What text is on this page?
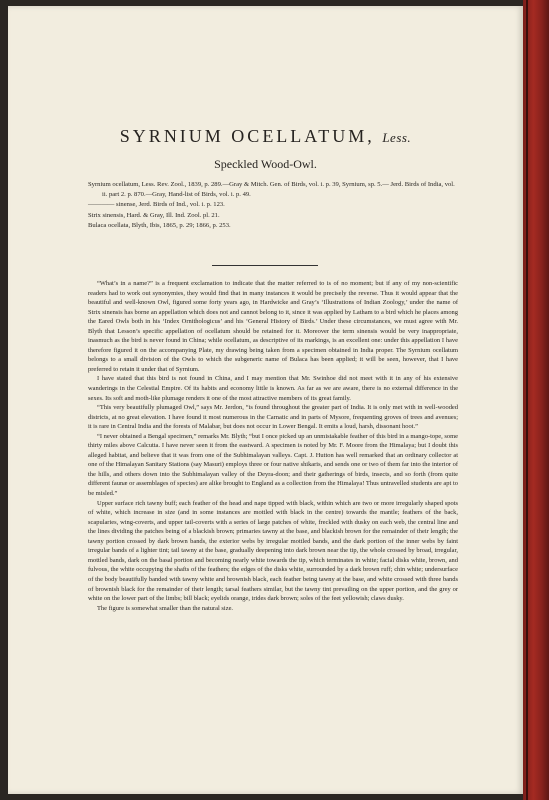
SYRNIUM OCELLATUM, Less.
Speckled Wood-Owl.

Syrnium ocellatum, Less. Rev. Zool., 1839, p. 289.—Gray & Mitch. Gen. of Birds, vol. i. p. 39, Syrnium, sp. 5.— Jerd. Birds of India, vol. ii. part 2. p. 870.—Gray, Hand-list of Birds, vol. i. p. 49.

———— sinense, Jerd. Birds of Ind., vol. i. p. 123.

Strix sinensis, Hard. & Gray, Ill. Ind. Zool. pl. 21.

Bulaca ocellata, Blyth, Ibis, 1865, p. 29; 1866, p. 253.

“What’s in a name?” is a frequent exclamation to indicate that the matter referred to is of no moment; but if any of my non-scientific readers had to work out synonymies, they would find that in many instances it would be precisely the reverse. Thus it would appear that the beautiful and well-known Owl, figured some forty years ago, in Hardwicke and Gray’s ‘Illustrations of Indian Zoology,’ under the name of Strix sinensis has borne an appellation which does not and cannot belong to it, since it was applied by Latham to a bird which he places among the Eared Owls both in his ‘Index Ornithologicus’ and his ‘General History of Birds.’ Under these circumstances, we must agree with Mr. Blyth that Lesson’s specific appellation of ocellatum should be retained for it. Moreover the term sinensis would be very inappropriate, inasmuch as the bird is never found in China; while ocellatum, as descriptive of its markings, is an excellent one: under this appellation I have therefore figured it on the accompanying Plate, my drawing being taken from a specimen obtained in India proper. The Syrnium ocellatum belongs to a small division of the Owls to which the subgeneric name of Bulaca has been applied; it will be seen, however, that I have preferred to retain it under that of Syrnium.

I have stated that this bird is not found in China, and I may mention that Mr. Swinhoe did not meet with it in any of his extensive wanderings in the Celestial Empire. Of its habits and economy little is known. As far as we are aware, there is no external difference in the sexes. Its soft and moth-like plumage renders it one of the most attractive members of its great family.

“This very beautifully plumaged Owl,” says Mr. Jerdon, “is found throughout the greater part of India. It is only met with in well-wooded districts, at no great elevation. I have found it most numerous in the Carnatic and in parts of Mysore, frequenting groves of trees and avenues; it is rare in Central India and the forests of Malabar, but does not occur in Lower Bengal. It emits a loud, harsh, dissonant hoot.”

“I never obtained a Bengal specimen,” remarks Mr. Blyth; “but I once picked up an unmistakable feather of this bird in a mango-tope, some thirty miles above Calcutta. I have never seen it from the eastward. A specimen is noted by Mr. F. Moore from the Himalaya; but I doubt this alleged habitat, and believe that it was from one of the Subhimalayan valleys. Capt. J. Hutton has well remarked that an ordinary collector at one of the Himalayan Sanitary Stations (say Masuri) employs three or four native shikaris, and sends one or two of them far into the interior of the hills, and others down into the Subhimalayan valley of the Deyra-doon; and their gatherings of birds, insects, and so forth (from quite different faunæ or assemblages of species) are alike brought to England as a collection from the Himalaya! Thus untravelled students are apt to be misled.”

Upper surface rich tawny buff; each feather of the head and nape tipped with black, within which are two or more irregularly shaped spots of white, which increase in size (and in some instances are mottled with black in the centre) towards the mantle; feathers of the back, scapularies, wing-coverts, and upper tail-coverts with a series of large patches of white, freckled with dusky on each web, the central line and the lines dividing the patches being of a blackish brown; primaries tawny at the base, and blackish brown for the remainder of their length; the tawny portion crossed by dark brown bands, the exterior webs by irregular mottled bands, and the dark portion of the inner webs by faint irregular bands of a lighter tint; tail tawny at the base, gradually deepening into dark brown near the tip, the whole crossed by broad, irregular, mottled bands, dark on the basal portion and becoming nearly white towards the tip, which terminates in white; facial disks white, brown, and fulvous, the white occupying the shafts of the feathers; the edges of the disks white, surrounded by a dark brown ruff; chin white; undersurface of the body beautifully banded with tawny white and brownish black, each feather being tawny at the base, and white crossed with three bands of brownish black for the remainder of their length; tarsal feathers similar, but the tawny tint prevailing on the upper portion, and the grey or white on the lower part of the limbs; bill black; eyelids orange, irides dark brown; soles of the feet yellowish; claws dusky.

The figure is somewhat smaller than the natural size.
